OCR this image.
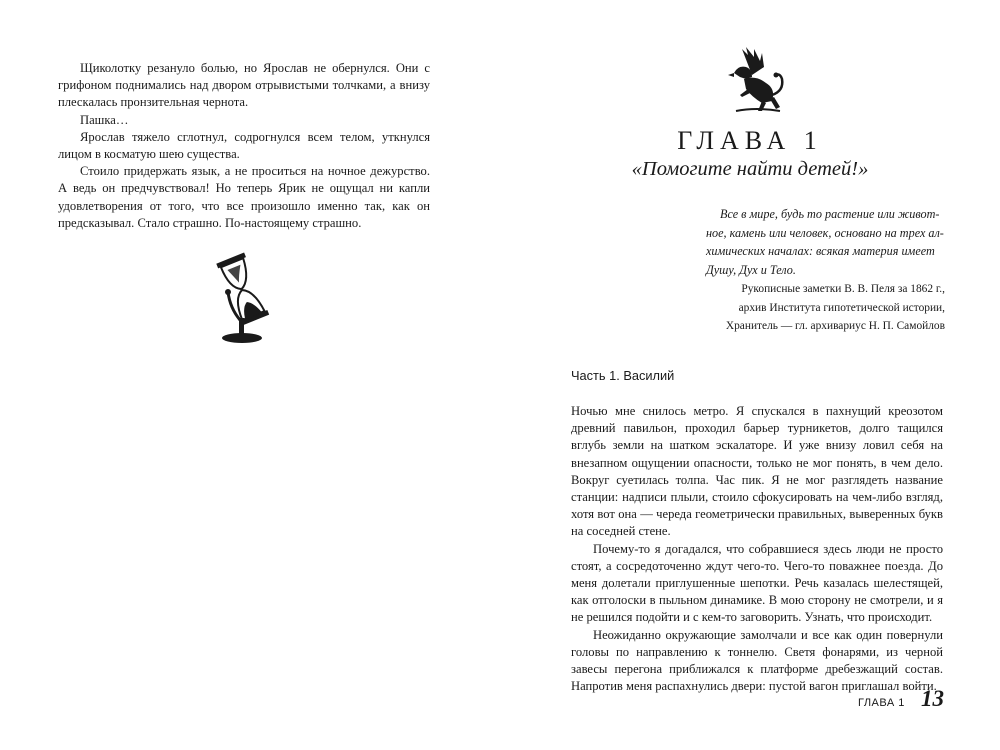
Щиколотку резануло болью, но Ярослав не обернулся. Они с грифоном поднимались над двором отрывистыми толчками, а внизу плескалась пронзительная чернота.

Пашка…

Ярослав тяжело сглотнул, содрогнулся всем телом, уткнулся лицом в косматую шею существа.

Стоило придержать язык, а не проситься на ночное дежурство. А ведь он предчувствовал! Но теперь Ярик не ощущал ни капли удовлетворения от того, что все произошло именно так, как он предсказывал. Стало страшно. По-настоящему страшно.

ГЛАВА 1
«Помогите найти детей!»

Все в мире, будь то растение или живот-

ное, камень или человек, основано на трех ал-

химических началах: всякая материя имеет

Душу, Дух и Тело.

Рукописные заметки В. В. Пеля за 1862 г.,

архив Института гипотетической истории,

Хранитель — гл. архивариус Н. П. Самойлов

Часть 1. Василий

Ночью мне снилось метро. Я спускался в пахнущий креозотом древний павильон, проходил барьер турникетов, долго тащился вглубь земли на шатком эскалаторе. И уже внизу ловил себя на внезапном ощущении опасности, только не мог понять, в чем дело. Вокруг суетилась толпа. Час пик. Я не мог разглядеть название станции: надписи плыли, стоило сфокусировать на чем-либо взгляд, хотя вот она — череда геометрически правильных, выверенных букв на соседней стене.

Почему-то я догадался, что собравшиеся здесь люди не просто стоят, а сосредоточенно ждут чего-то. Чего-то поважнее поезда. До меня долетали приглушенные шепотки. Речь казалась шелестящей, как отголоски в пыльном динамике. В мою сторону не смотрели, и я не решился подойти и с кем-то заговорить. Узнать, что происходит.

Неожиданно окружающие замолчали и все как один повернули головы по направлению к тоннелю. Светя фонарями, из черной завесы перегона приближался к платформе дребезжащий состав. Напротив меня распахнулись двери: пустой вагон приглашал войти.

ГЛАВА 1 13
